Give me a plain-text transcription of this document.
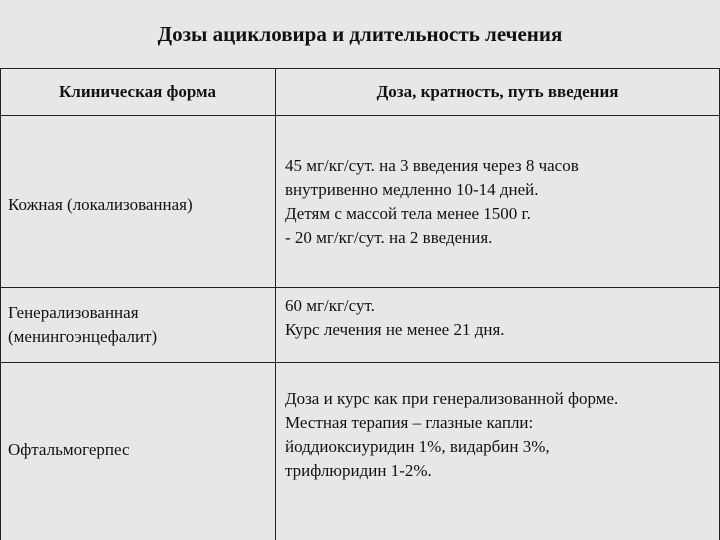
Дозы ацикловира и длительность лечения
Клиническая форма	Доза, кратность, путь введения
Кожная (локализованная)
45 мг/кг/сут. на 3 введения через 8 часов
внутривенно медленно 10-14 дней.
Детям с массой тела менее 1500 г.
- 20 мг/кг/сут. на 2 введения.
Генерализованная
(менингоэнцефалит)
60 мг/кг/сут.
Курс лечения не менее 21 дня.
Офтальмогерпес
Доза и курс как при генерализованной форме.
Местная терапия – глазные капли:
йоддиоксиуридин 1%, видарбин 3%,
трифлюридин 1-2%.
